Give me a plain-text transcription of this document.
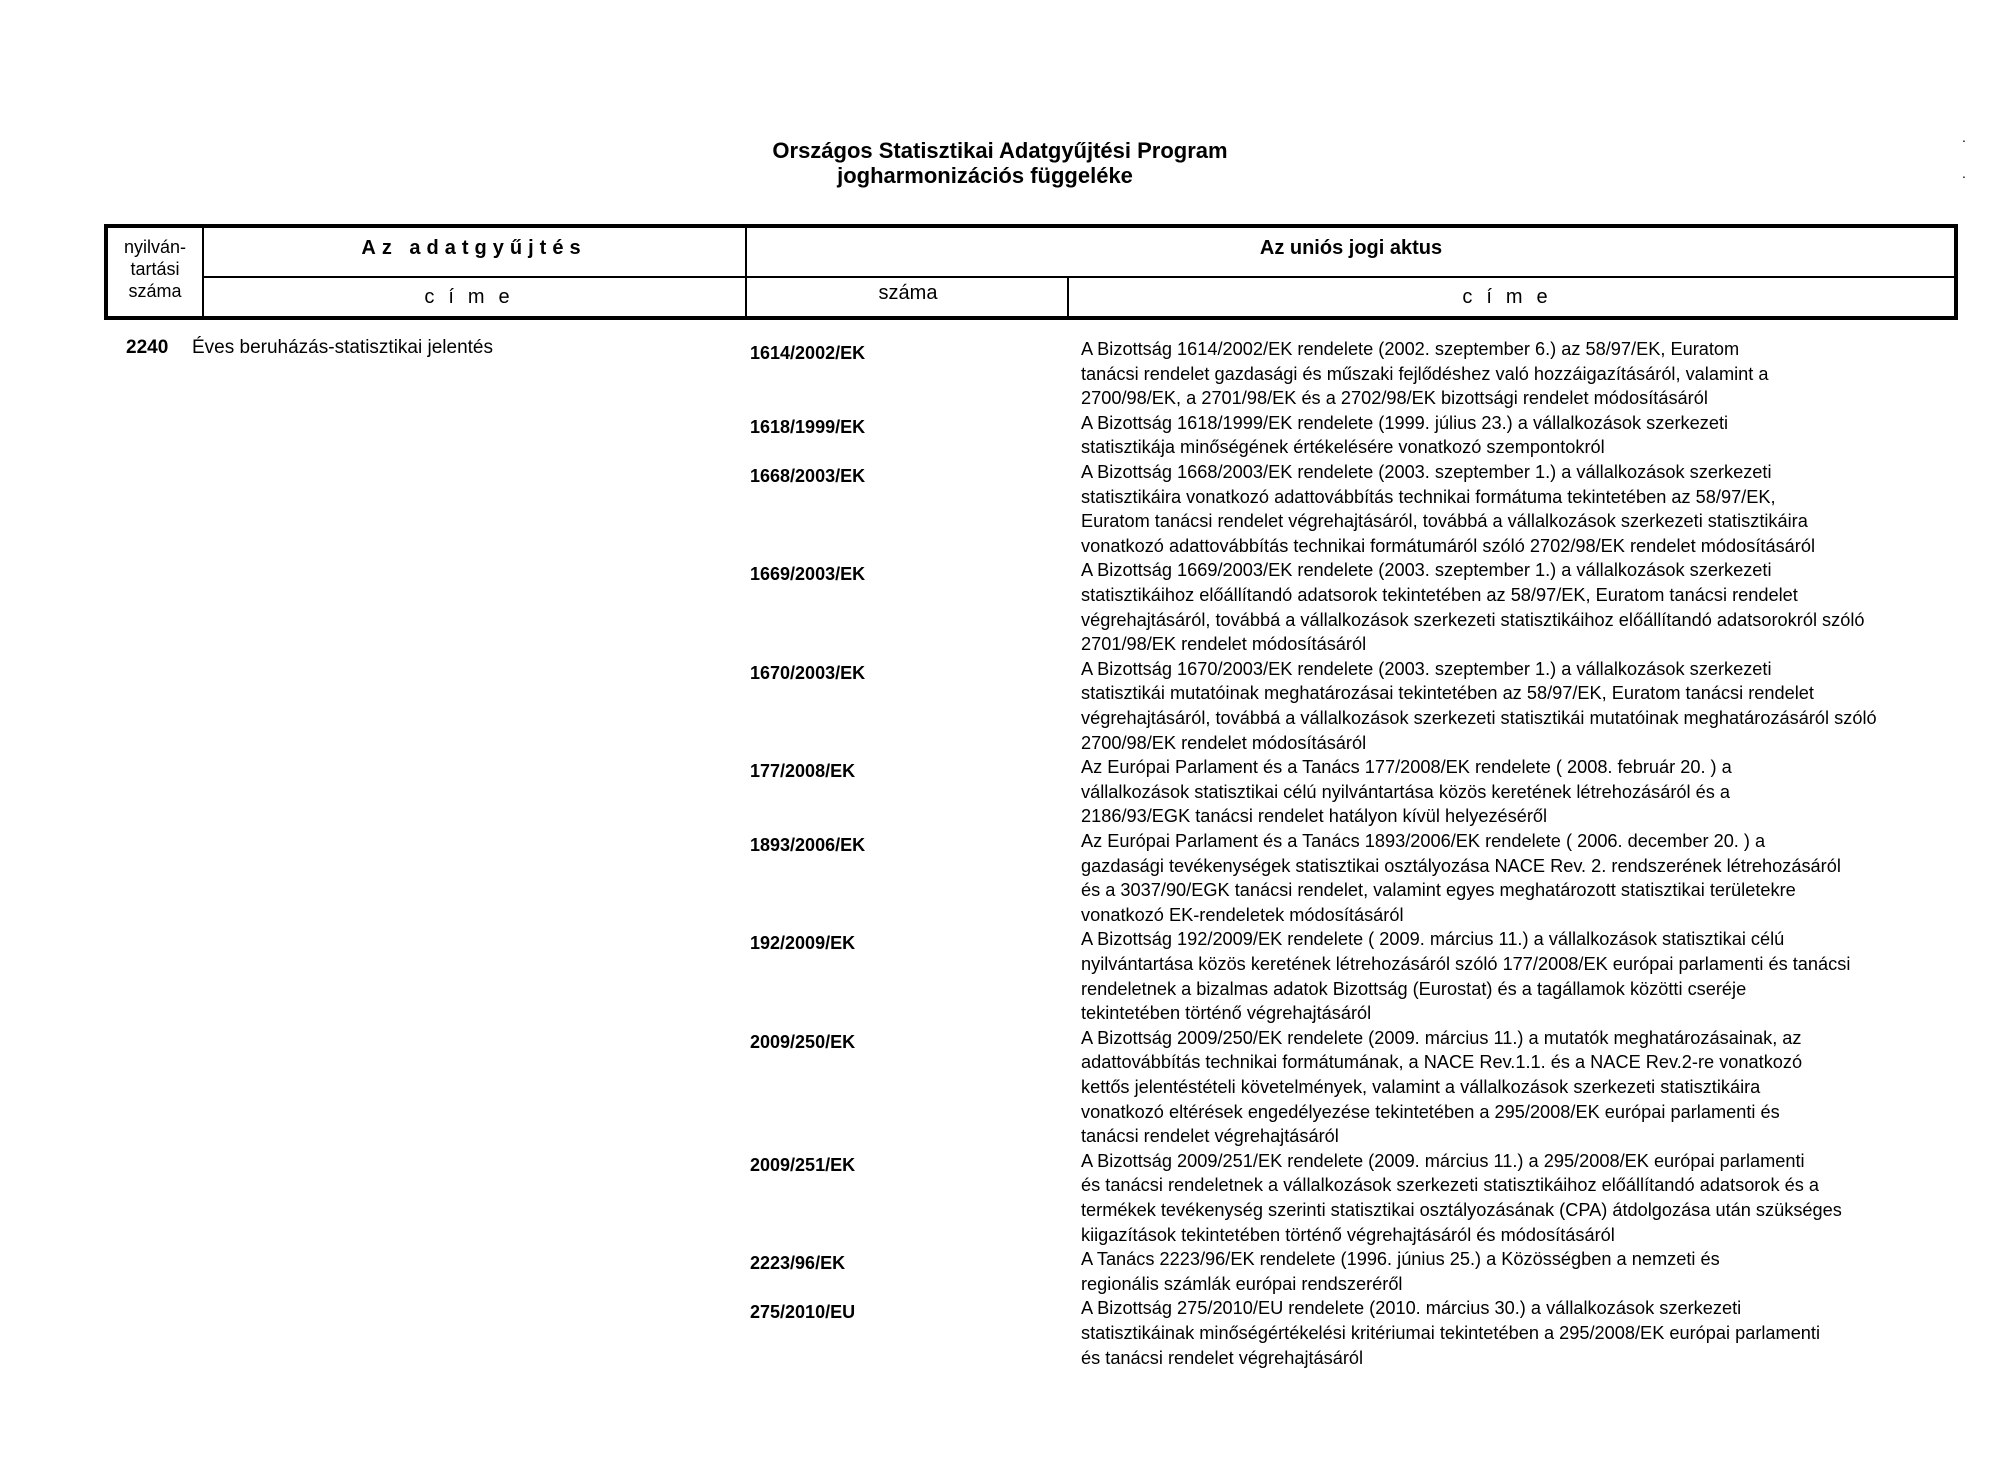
Országos Statisztikai Adatgyűjtési Program
jogharmonizációs függeléke
.
.
nyilván-
tartási
száma
Az adatgyűjtés
címe
Az uniós jogi aktus
száma	címe
2240 Éves beruházás-statisztikai jelentés	1614/2002/EK	A Bizottság 1614/2002/EK rendelete (2002. szeptember 6.) az 58/97/EK, Euratom
tanácsi rendelet gazdasági és műszaki fejlődéshez való hozzáigazításáról, valamint a
2700/98/EK, a 2701/98/EK és a 2702/98/EK bizottsági rendelet módosításáról
1618/1999/EK	A Bizottság 1618/1999/EK rendelete (1999. július 23.) a vállalkozások szerkezeti
statisztikája minőségének értékelésére vonatkozó szempontokról
1668/2003/EK	A Bizottság 1668/2003/EK rendelete (2003. szeptember 1.) a vállalkozások szerkezeti
statisztikáira vonatkozó adattovábbítás technikai formátuma tekintetében az 58/97/EK,
Euratom tanácsi rendelet végrehajtásáról, továbbá a vállalkozások szerkezeti statisztikáira
vonatkozó adattovábbítás technikai formátumáról szóló 2702/98/EK rendelet módosításáról
1669/2003/EK	A Bizottság 1669/2003/EK rendelete (2003. szeptember 1.) a vállalkozások szerkezeti
statisztikáihoz előállítandó adatsorok tekintetében az 58/97/EK, Euratom tanácsi rendelet
végrehajtásáról, továbbá a vállalkozások szerkezeti statisztikáihoz előállítandó adatsorokról szóló
2701/98/EK rendelet módosításáról
1670/2003/EK	A Bizottság 1670/2003/EK rendelete (2003. szeptember 1.) a vállalkozások szerkezeti
statisztikái mutatóinak meghatározásai tekintetében az 58/97/EK, Euratom tanácsi rendelet
végrehajtásáról, továbbá a vállalkozások szerkezeti statisztikái mutatóinak meghatározásáról szóló
2700/98/EK rendelet módosításáról
177/2008/EK	Az Európai Parlament és a Tanács 177/2008/EK rendelete ( 2008. február 20. ) a
vállalkozások statisztikai célú nyilvántartása közös keretének létrehozásáról és a
2186/93/EGK tanácsi rendelet hatályon kívül helyezéséről
1893/2006/EK	Az Európai Parlament és a Tanács 1893/2006/EK rendelete ( 2006. december 20. ) a
gazdasági tevékenységek statisztikai osztályozása NACE Rev. 2. rendszerének létrehozásáról
és a 3037/90/EGK tanácsi rendelet, valamint egyes meghatározott statisztikai területekre
vonatkozó EK-rendeletek módosításáról
192/2009/EK	A Bizottság 192/2009/EK rendelete ( 2009. március 11.) a vállalkozások statisztikai célú
nyilvántartása közös keretének létrehozásáról szóló 177/2008/EK európai parlamenti és tanácsi
rendeletnek a bizalmas adatok Bizottság (Eurostat) és a tagállamok közötti cseréje
tekintetében történő végrehajtásáról
2009/250/EK	A Bizottság 2009/250/EK rendelete (2009. március 11.) a mutatók meghatározásainak, az
adattovábbítás technikai formátumának, a NACE Rev.1.1. és a NACE Rev.2-re vonatkozó
kettős jelentéstételi követelmények, valamint a vállalkozások szerkezeti statisztikáira
vonatkozó eltérések engedélyezése tekintetében a 295/2008/EK európai parlamenti és
tanácsi rendelet végrehajtásáról
2009/251/EK	A Bizottság 2009/251/EK rendelete (2009. március 11.) a 295/2008/EK európai parlamenti
és tanácsi rendeletnek a vállalkozások szerkezeti statisztikáihoz előállítandó adatsorok és a
termékek tevékenység szerinti statisztikai osztályozásának (CPA) átdolgozása után szükséges
kiigazítások tekintetében történő végrehajtásáról és módosításáról
2223/96/EK	A Tanács 2223/96/EK rendelete (1996. június 25.) a Közösségben a nemzeti és
regionális számlák európai rendszeréről
275/2010/EU	A Bizottság 275/2010/EU rendelete (2010. március 30.) a vállalkozások szerkezeti
statisztikáinak minőségértékelési kritériumai tekintetében a 295/2008/EK európai parlamenti
és tanácsi rendelet végrehajtásáról
